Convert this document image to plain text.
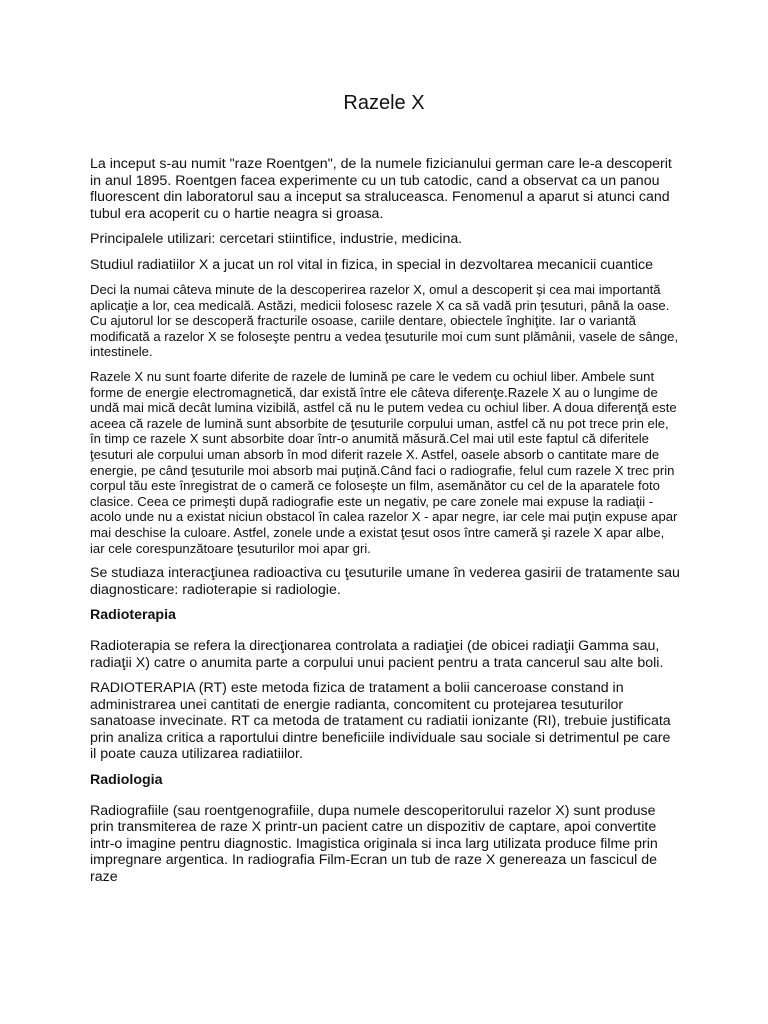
Razele X

La inceput s-au numit "raze Roentgen", de la numele fizicianului german care le-a descoperit in anul 1895. Roentgen facea experimente cu un tub catodic, cand a observat ca un panou fluorescent din laboratorul sau a inceput sa straluceasca. Fenomenul a aparut si atunci cand tubul era acoperit cu o hartie neagra si groasa.

Principalele utilizari: cercetari stiintifice, industrie, medicina.

Studiul radiatiilor X a jucat un rol vital in fizica, in special in dezvoltarea mecanicii cuantice

Deci la numai câteva minute de la descoperirea razelor X, omul a descoperit şi cea mai importantă aplicaţie a lor, cea medicală. Astăzi, medicii folosesc razele X ca să vadă prin ţesuturi, până la oase. Cu ajutorul lor se descoperă fracturile osoase, cariile dentare, obiectele înghiţite. Iar o variantă modificată a razelor X se foloseşte pentru a vedea ţesuturile moi cum sunt plămânii, vasele de sânge, intestinele.

Razele X nu sunt foarte diferite de razele de lumină pe care le vedem cu ochiul liber. Ambele sunt forme de energie electromagnetică, dar există între ele câteva diferenţe.Razele X au o lungime de undă mai mică decât lumina vizibilă, astfel că nu le putem vedea cu ochiul liber. A doua diferenţă este aceea că razele de lumină sunt absorbite de ţesuturile corpului uman, astfel că nu pot trece prin ele, în timp ce razele X sunt absorbite doar într-o anumită măsură.Cel mai util este faptul că diferitele ţesuturi ale corpului uman absorb în mod diferit razele X. Astfel, oasele absorb o cantitate mare de energie, pe când ţesuturile moi absorb mai puţină.Când faci o radiografie, felul cum razele X trec prin corpul tău este înregistrat de o cameră ce foloseşte un film, asemănător cu cel de la aparatele foto clasice. Ceea ce primeşti după radiografie este un negativ, pe care zonele mai expuse la radiaţii - acolo unde nu a existat niciun obstacol în calea razelor X - apar negre, iar cele mai puţin expuse apar mai deschise la culoare. Astfel, zonele unde a existat ţesut osos între cameră şi razele X apar albe, iar cele corespunzătoare ţesuturilor moi apar gri.

Se studiaza interacţiunea radioactiva cu ţesuturile umane în vederea gasirii de tratamente sau diagnosticare: radioterapie si radiologie.

Radioterapia

Radioterapia se refera la direcţionarea controlata a radiaţiei (de obicei radiaţii Gamma sau, radiaţii X) catre o anumita parte a corpului unui pacient pentru a trata cancerul sau alte boli.

RADIOTERAPIA (RT) este metoda fizica de tratament a bolii canceroase constand in administrarea unei cantitati de energie radianta, concomitent cu protejarea tesuturilor sanatoase invecinate. RT ca metoda de tratament cu radiatii ionizante (RI), trebuie justificata prin analiza critica a raportului dintre beneficiile individuale sau sociale si detrimentul pe care il poate cauza utilizarea radiatiilor.

Radiologia

Radiografiile (sau roentgenografiile, dupa numele descoperitorului razelor X) sunt produse prin transmiterea de raze X printr-un pacient catre un dispozitiv de captare, apoi convertite intr-o imagine pentru diagnostic. Imagistica originala si inca larg utilizata produce filme prin impregnare argentica. In radiografia Film-Ecran un tub de raze X genereaza un fascicul de raze
